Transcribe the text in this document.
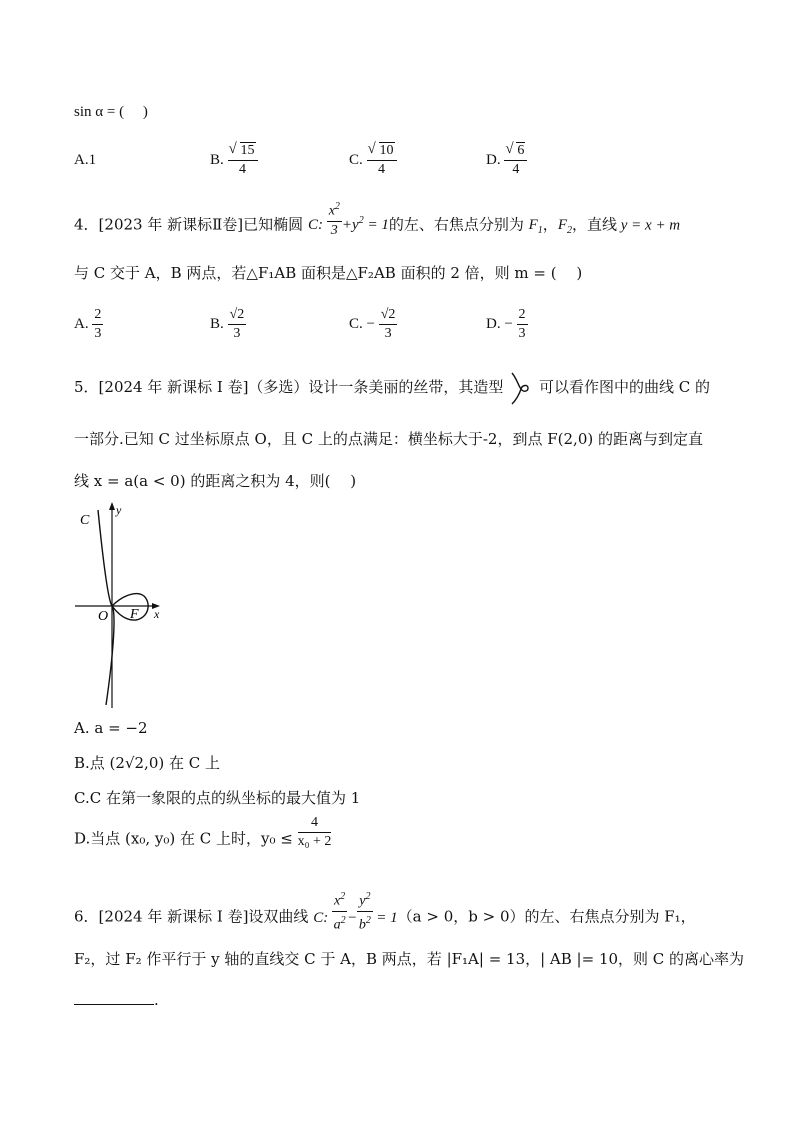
sin α = (　 )
A.1	B. √ $\frac{15}{4}$	C. √ $\frac{10}{4}$	D. √ $\frac{6}{4}$
4．[2023 年 新课标Ⅱ卷]已知椭圆 C: $\frac{x^2}{3} +y^2 = 1$的左、右焦点分别为 $F_1$，$F_2$，直线 y = x + m
与 C 交于 A，B 两点，若△F₁AB 面积是△F₂AB 面积的 2 倍，则 m = (　 )
A. $\frac{2}{3}$	B. $\frac{√2}{3}$	C. − $\frac{√2}{3}$	D. − $\frac{2}{3}$
5．[2024 年 新课标 I 卷]（多选）设计一条美丽的丝带，其造型 可以看作图中的曲线 C 的
一部分.已知 C 过坐标原点 O，且 C 上的点满足：横坐标大于-2，到点 F(2,0) 的距离与到定直
线 x = a(a < 0) 的距离之积为 4，则(　 )
C
y
x
O F
A. a = −2
B.点 (2√2,0) 在 C 上
C.C 在第一象限的点的纵坐标的最大值为 1
D.当点 (x₀, y₀) 在 C 上时，$y_0 \le \frac{4}{\text{x₀ + 2}}$
6．[2024 年 新课标 I 卷]设双曲线 C: $\frac{x^2}{a^2} - \frac{y^2}{b^2} = 1(a > 0$，b > 0）的左、右焦点分别为 F₁，
F₂，过 F₂ 作平行于 y 轴的直线交 C 于 A，B 两点，若 |F₁A| = 13，| AB |= 10，则 C 的离心率为
.
